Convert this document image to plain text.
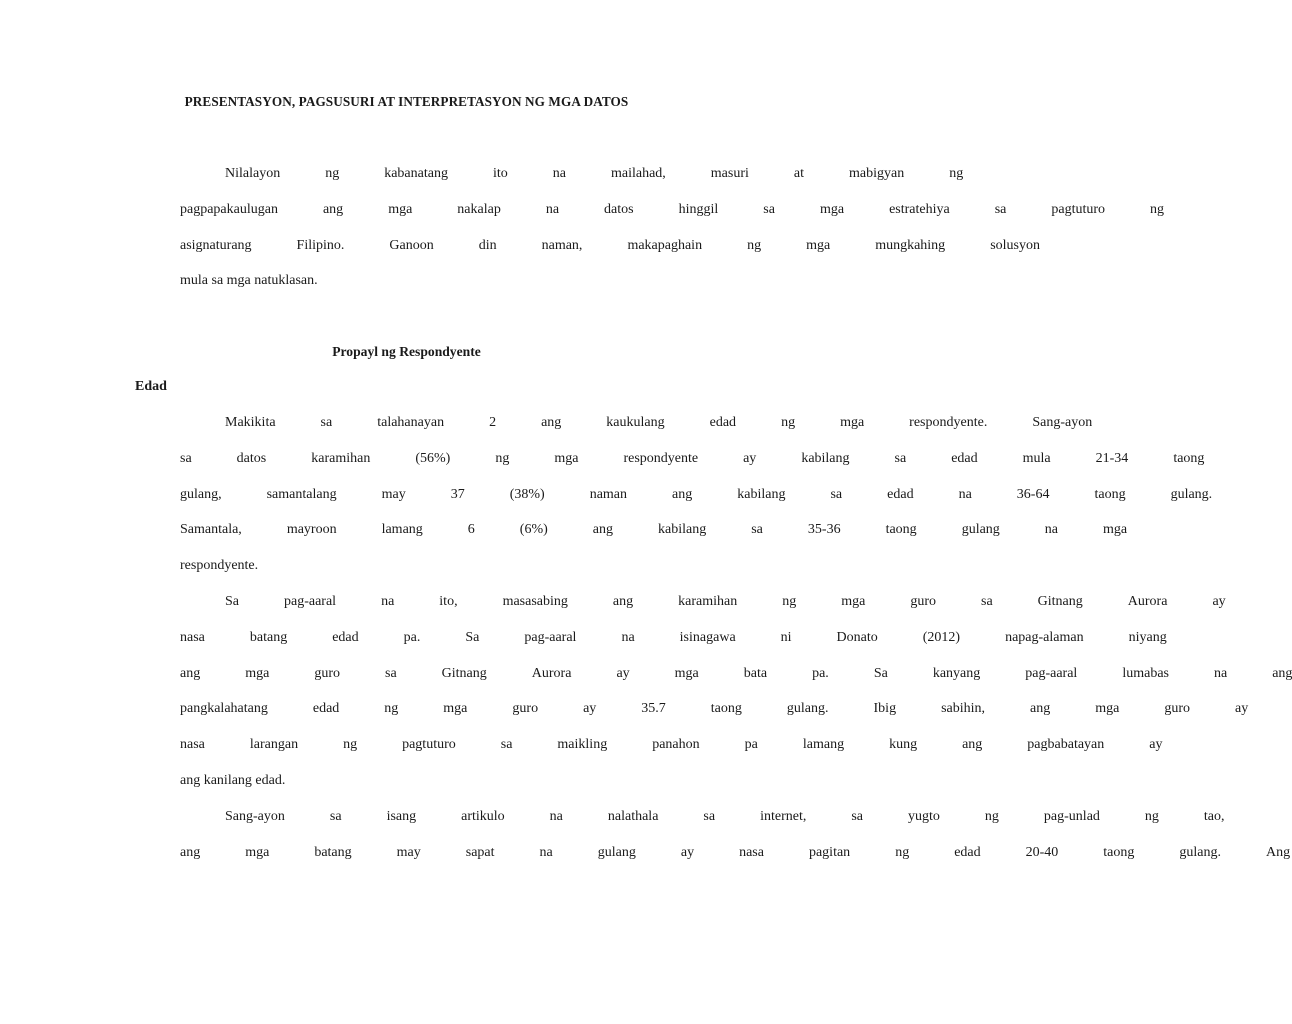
PRESENTASYON, PAGSUSURI AT INTERPRETASYON NG MGA DATOS
Nilalayon	ng	kabanatang	ito	na	mailahad,	masuri	at	mabigyan	ng
pagpapakaulugan	ang	mga	nakalap	na	datos	hinggil	sa	mga	estratehiya	sa	pagtuturo	ng
asignaturang	Filipino.	Ganoon	din	naman,	makapaghain	ng	mga	mungkahing	solusyon
mula sa mga natuklasan.
Propayl ng Respondyente
Edad
Makikita	sa	talahanayan	2	ang	kaukulang	edad	ng	mga	respondyente.	Sang-ayon
sa	datos	karamihan	(56%)	ng	mga	respondyente	ay	kabilang	sa	edad	mula	21-34	taong
gulang,	samantalang	may	37	(38%)	naman	ang	kabilang	sa	edad	na	36-64	taong	gulang.
Samantala,	mayroon	lamang	6	(6%)	ang	kabilang	sa	35-36	taong	gulang	na	mga
respondyente.
Sa	pag-aaral	na	ito,	masasabing	ang	karamihan	ng	mga	guro	sa	Gitnang	Aurora	ay
nasa	batang	edad	pa.	Sa	pag-aaral	na	isinagawa	ni	Donato	(2012)	napag-alaman	niyang
ang	mga	guro	sa	Gitnang	Aurora	ay	mga	bata	pa.	Sa	kanyang	pag-aaral	lumabas	na	ang
pangkalahatang	edad	ng	mga	guro	ay	35.7	taong	gulang.	Ibig	sabihin,	ang	mga	guro	ay
nasa	larangan	ng	pagtuturo	sa	maikling	panahon	pa	lamang	kung	ang	pagbabatayan	ay
ang kanilang edad.
Sang-ayon	sa	isang	artikulo	na	nalathala	sa	internet,	sa	yugto	ng	pag-unlad	ng	tao,
ang	mga	batang	may	sapat	na	gulang	ay	nasa	pagitan	ng	edad	20-40	taong	gulang.	Ang
